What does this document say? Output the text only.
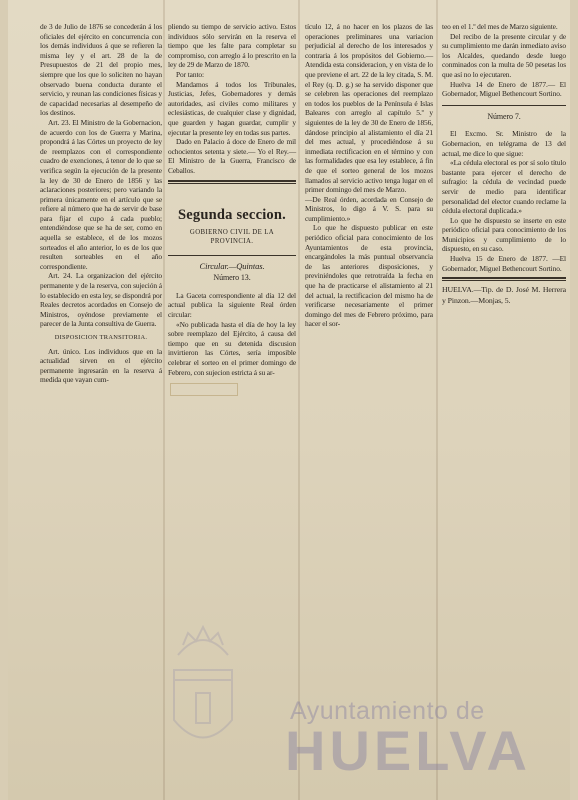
de 3 de Julio de 1876 se concederán á los oficiales del ejército en concurrencia con los demás individuos á que se refieren la misma ley y el art. 28 de la de Presupuestos de 21 del propio mes, siempre que los que lo soliciten no hayan observado buena conducta durante el servicio, y reunan las condiciones físicas y de capacidad necesarias al desempeño de los destinos.

Art. 23. El Ministro de la Gobernacion, de acuerdo con los de Guerra y Marina, propondrá á las Córtes un proyecto de ley de reemplazos con el correspondiente cuadro de exenciones, á tenor de lo que se verifica según la ejecución de la presente la ley de 30 de Enero de 1856 y las aclaraciones posteriores; pero variando la primera únicamente en el artículo que se refiere al número que ha de servir de base para fijar el cupo á cada pueblo; entendiéndose que se ha de ser, como en aquella se establece, el de los mozos sorteados el año anterior, lo es de los que resulten sorteables en el año correspondiente.

Art. 24. La organizacion del ejército permanente y de la reserva, con sujeción á lo establecido en esta ley, se dispondrá por Reales decretos acordados en Consejo de Ministros, oyéndose previamente el parecer de la Junta consultiva de Guerra.

DISPOSICION TRANSITORIA.

Art. único. Los individuos que en la actualidad sirven en el ejército permanente ingresarán en la reserva á medida que vayan cum-

pliendo su tiempo de servicio activo. Estos individuos sólo servirán en la reserva el tiempo que les falte para completar su compromiso, con arreglo á lo prescrito en la ley de 29 de Marzo de 1870.

Por tanto:

Mandamos á todos los Tribunales, Justicias, Jefes, Gobernadores y demás autoridades, así civiles como militares y eclesiásticas, de cualquier clase y dignidad, que guarden y hagan guardar, cumplir y ejecutar la presente ley en todas sus partes.

Dado en Palacio á doce de Enero de mil ochocientos setenta y siete.— Yo el Rey.—El Ministro de la Guerra, Francisco de Ceballos.

Segunda seccion.
GOBIERNO CIVIL DE LA PROVINCIA.
Circular.—Quintas.
Número 13.

La Gaceta correspondiente al día 12 del actual publica la siguiente Real órden circular:

«No publicada hasta el día de hoy la ley sobre reemplazo del Ejército, á causa del tiempo que en su detenida discusion invirtieron las Córtes, sería imposible celebrar el sorteo en el primer domingo de Febrero, con sujecion estricta á su ar-

tículo 12, á no hacer en los plazos de las operaciones preliminares una variacion perjudicial al derecho de los interesados y contraria á los propósitos del Gobierno.—Atendida esta consideracion, y en vista de lo que previene el art. 22 de la ley citada, S. M. el Rey (q. D. g.) se ha servido disponer que se celebren las operaciones del reemplazo en todos los pueblos de la Península é Islas Baleares con arreglo al capítulo 5.º y siguientes de la ley de 30 de Enero de 1856, dándose principio al alistamiento el día 21 del mes actual, y procediéndose á su inmediata rectificacion en el término y con las formalidades que esa ley establece, á fin de que el sorteo general de los mozos llamados al servicio activo tenga lugar en el primer domingo del mes de Marzo.

—De Real órden, acordada en Consejo de Ministros, lo digo á V. S. para su cumplimiento.»

Lo que he dispuesto publicar en este periódico oficial para conocimiento de los Ayuntamientos de esta provincia, encargándoles la más puntual observancia de las anteriores disposiciones, y previniéndoles que retrotraída la fecha en que ha de practicarse el alistamiento al 21 del actual, la rectificacion del mismo ha de verificarse necesariamente el primer domingo del mes de Febrero próximo, para hacer el sor-

teo en el 1.º del mes de Marzo siguiente.

Del recibo de la presente circular y de su cumplimiento me darán inmediato aviso los Alcaldes, quedando desde luego conminados con la multa de 50 pesetas los que así no lo ejecutaren.

Huelva 14 de Enero de 1877.— El Gobernador, Miguel Bethencourt Sortino.

Número 7.

El Excmo. Sr. Ministro de la Gobernacion, en telégrama de 13 del actual, me dice lo que sigue:

«La cédula electoral es por sí solo título bastante para ejercer el derecho de sufragio: la cédula de vecindad puede servir de medio para identificar personalidad del elector cuando reclame la cédula electoral duplicada.»

Lo que he dispuesto se inserte en este periódico oficial para conocimiento de los Municipios y cumplimiento de lo dispuesto, en su caso.

Huelva 15 de Enero de 1877. —El Gobernador, Miguel Bethencourt Sortino.

HUELVA.—Tip. de D. José M. Herrera y Pinzon.—Monjas, 5.
Ayuntamiento de
HUELVA
